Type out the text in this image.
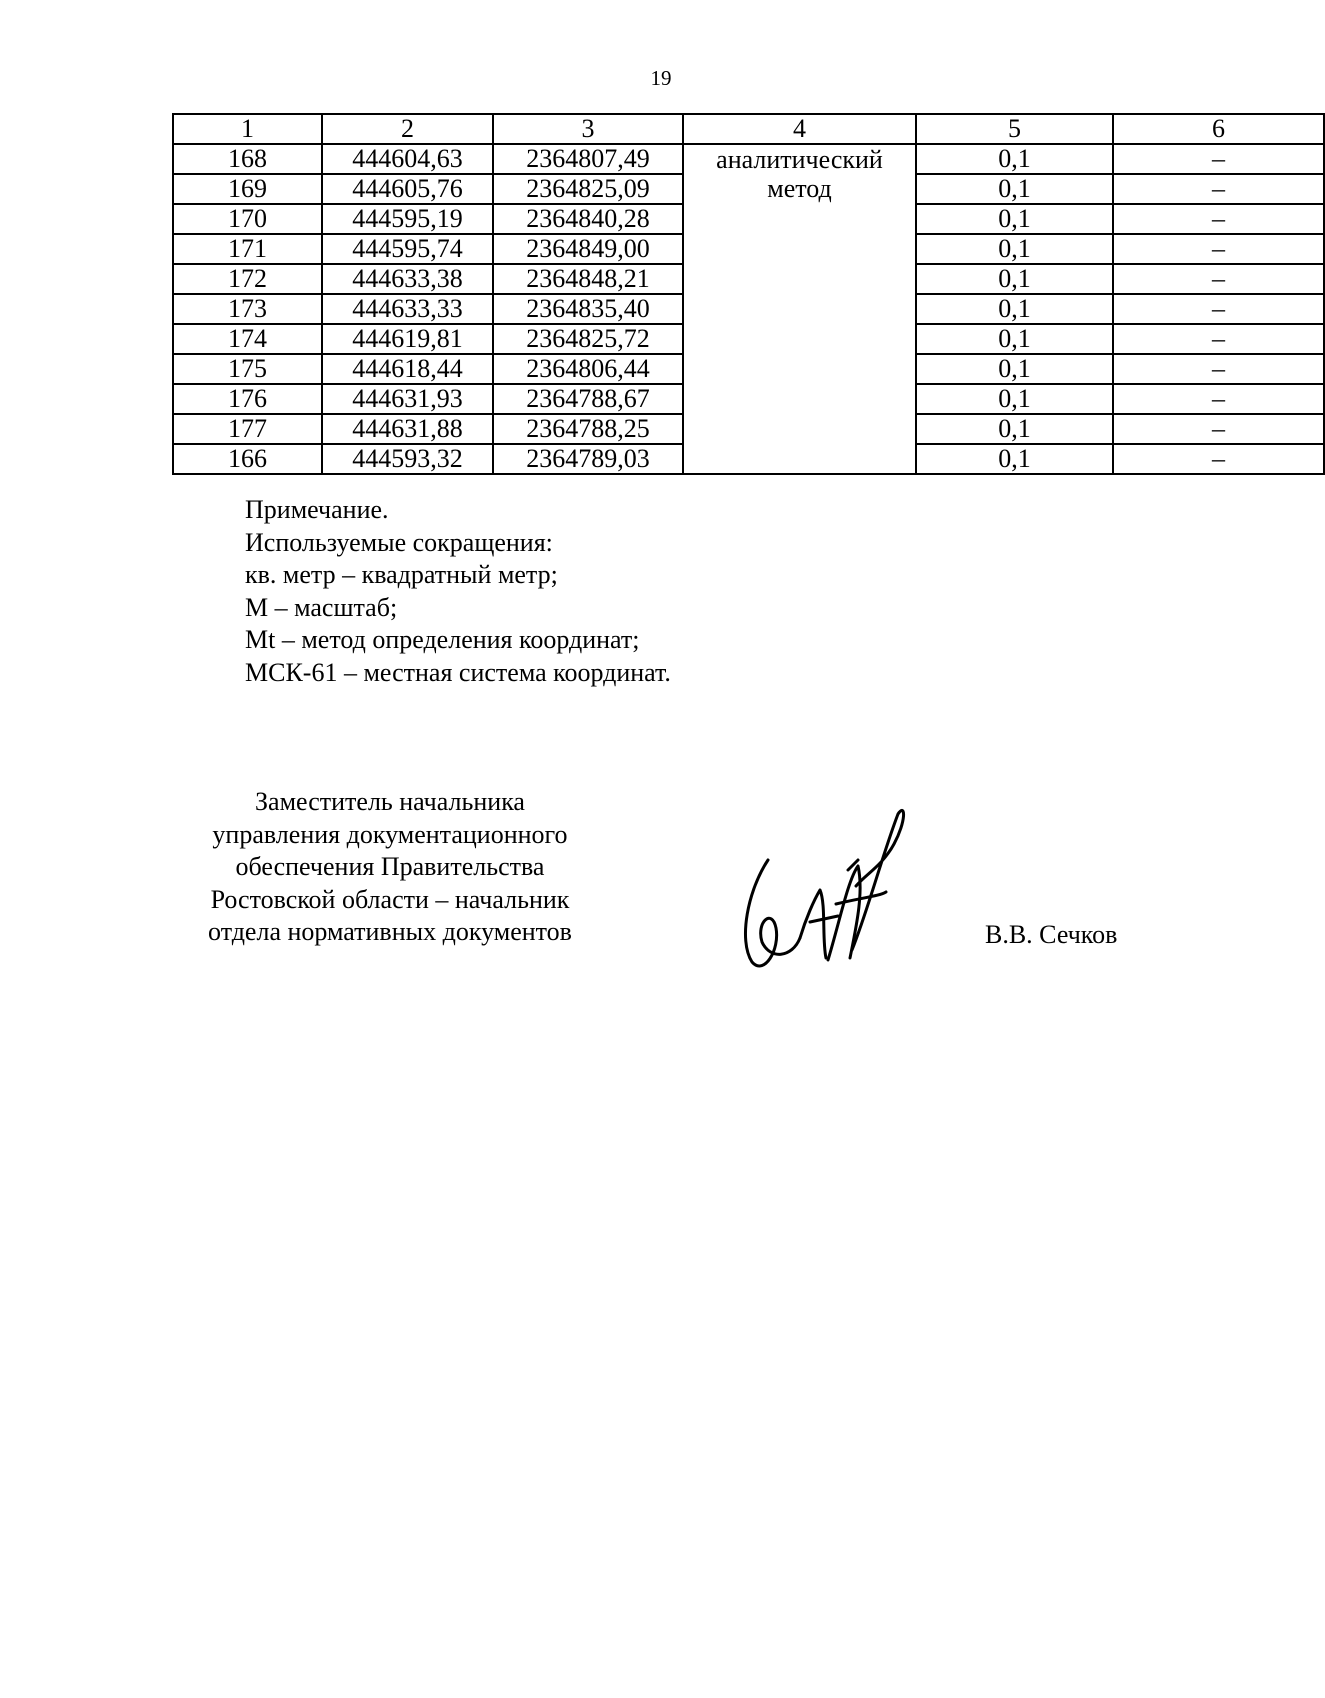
19
1	2	3	4	5	6
168	444604,63	2364807,49	аналитический метод	0,1	–
169	444605,76	2364825,09		0,1	–
170	444595,19	2364840,28		0,1	–
171	444595,74	2364849,00		0,1	–
172	444633,38	2364848,21		0,1	–
173	444633,33	2364835,40		0,1	–
174	444619,81	2364825,72		0,1	–
175	444618,44	2364806,44		0,1	–
176	444631,93	2364788,67		0,1	–
177	444631,88	2364788,25		0,1	–
166	444593,32	2364789,03		0,1	–
Примечание.
Используемые сокращения:
кв. метр – квадратный метр;
М – масштаб;
Mt – метод определения координат;
МСК-61 – местная система координат.
Заместитель начальника
управления документационного
обеспечения Правительства
Ростовской области – начальник
отдела нормативных документов	В.В. Сечков
